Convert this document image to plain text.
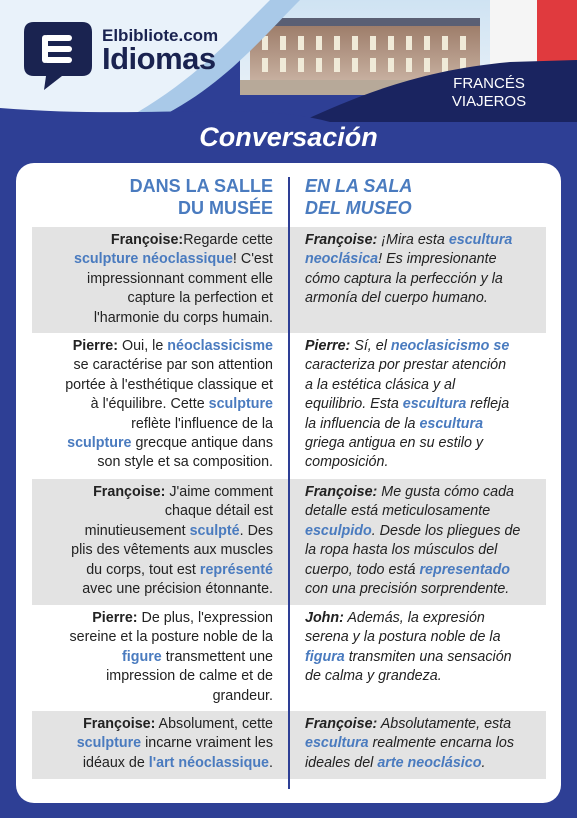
Elbibliote.com
Idiomas
FRANCÉS
VIAJEROS
Conversación
DANS LA SALLE
DU MUSÉE
EN LA SALA
DEL MUSEO
Françoise:Regarde cette
sculpture néoclassique! C'est
impressionnant comment elle
capture la perfection et
l'harmonie du corps humain.
Françoise: ¡Mira esta escultura
neoclásica! Es impresionante
cómo captura la perfección y la
armonía del cuerpo humano.
Pierre: Oui, le néoclassicisme
se caractérise par son attention
portée à l'esthétique classique et
à l'équilibre. Cette sculpture
reflète l'influence de la
sculpture grecque antique dans
son style et sa composition.
Pierre: Sí, el neoclasicismo se
caracteriza por prestar atención
a la estética clásica y al
equilibrio. Esta escultura refleja
la influencia de la escultura
griega antigua en su estilo y
composición.
Françoise: J'aime comment
chaque détail est
minutieusement sculpté. Des
plis des vêtements aux muscles
du corps, tout est représenté
avec une précision étonnante.
Françoise: Me gusta cómo cada
detalle está meticulosamente
esculpido. Desde los pliegues de
la ropa hasta los músculos del
cuerpo, todo está representado
con una precisión sorprendente.
Pierre: De plus, l'expression
sereine et la posture noble de la
figure transmettent une
impression de calme et de
grandeur.
John: Además, la expresión
serena y la postura noble de la
figura transmiten una sensación
de calma y grandeza.
Françoise: Absolument, cette
sculpture incarne vraiment les
idéaux de l'art néoclassique.
Françoise: Absolutamente, esta
escultura realmente encarna los
ideales del arte neoclásico.
